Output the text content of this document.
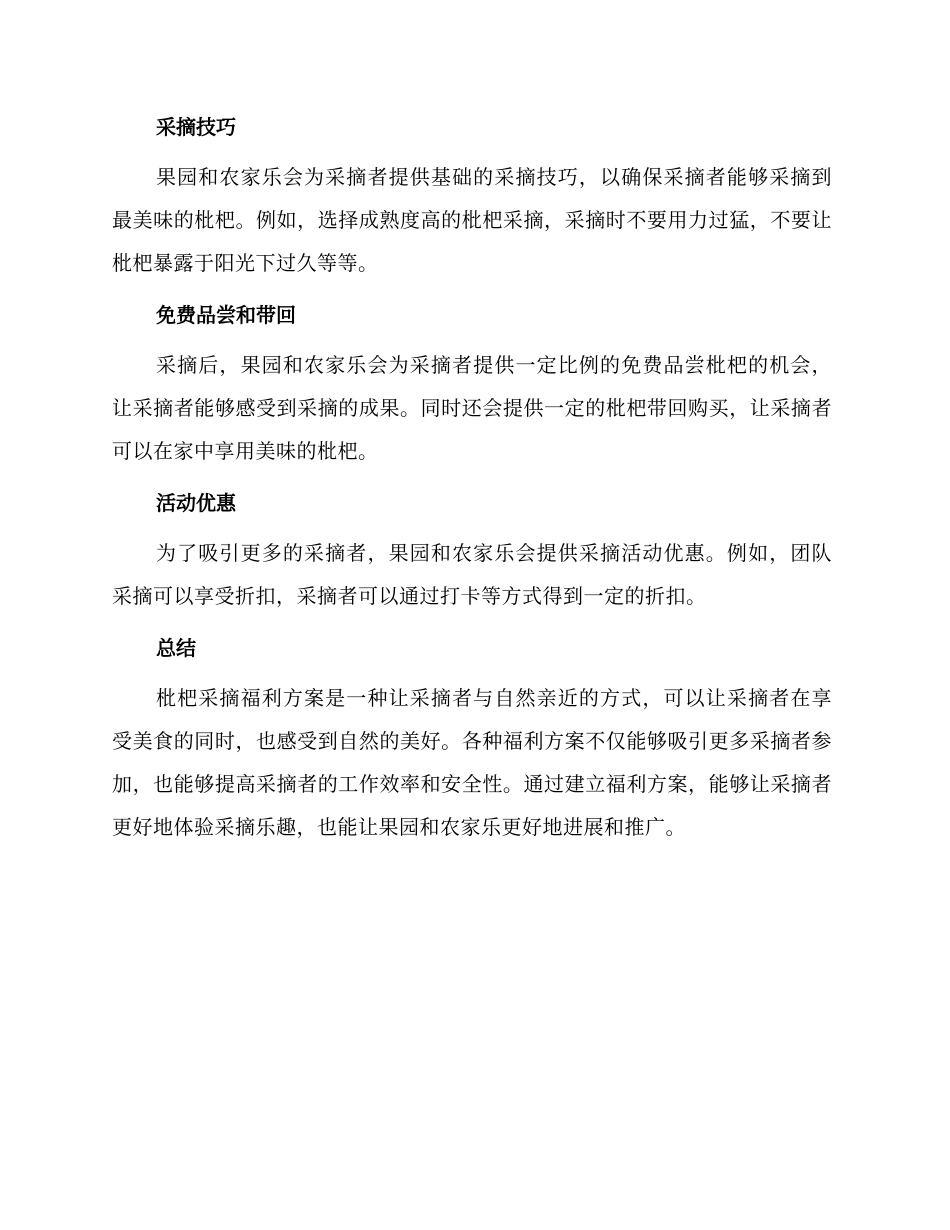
采摘技巧
果园和农家乐会为采摘者提供基础的采摘技巧，以确保采摘者能够采摘到最美味的枇杷。例如，选择成熟度高的枇杷采摘，采摘时不要用力过猛，不要让枇杷暴露于阳光下过久等等。
免费品尝和带回
采摘后，果园和农家乐会为采摘者提供一定比例的免费品尝枇杷的机会，让采摘者能够感受到采摘的成果。同时还会提供一定的枇杷带回购买，让采摘者可以在家中享用美味的枇杷。
活动优惠
为了吸引更多的采摘者，果园和农家乐会提供采摘活动优惠。例如，团队采摘可以享受折扣，采摘者可以通过打卡等方式得到一定的折扣。
总结
枇杷采摘福利方案是一种让采摘者与自然亲近的方式，可以让采摘者在享受美食的同时，也感受到自然的美好。各种福利方案不仅能够吸引更多采摘者参加，也能够提高采摘者的工作效率和安全性。通过建立福利方案，能够让采摘者更好地体验采摘乐趣，也能让果园和农家乐更好地进展和推广。
